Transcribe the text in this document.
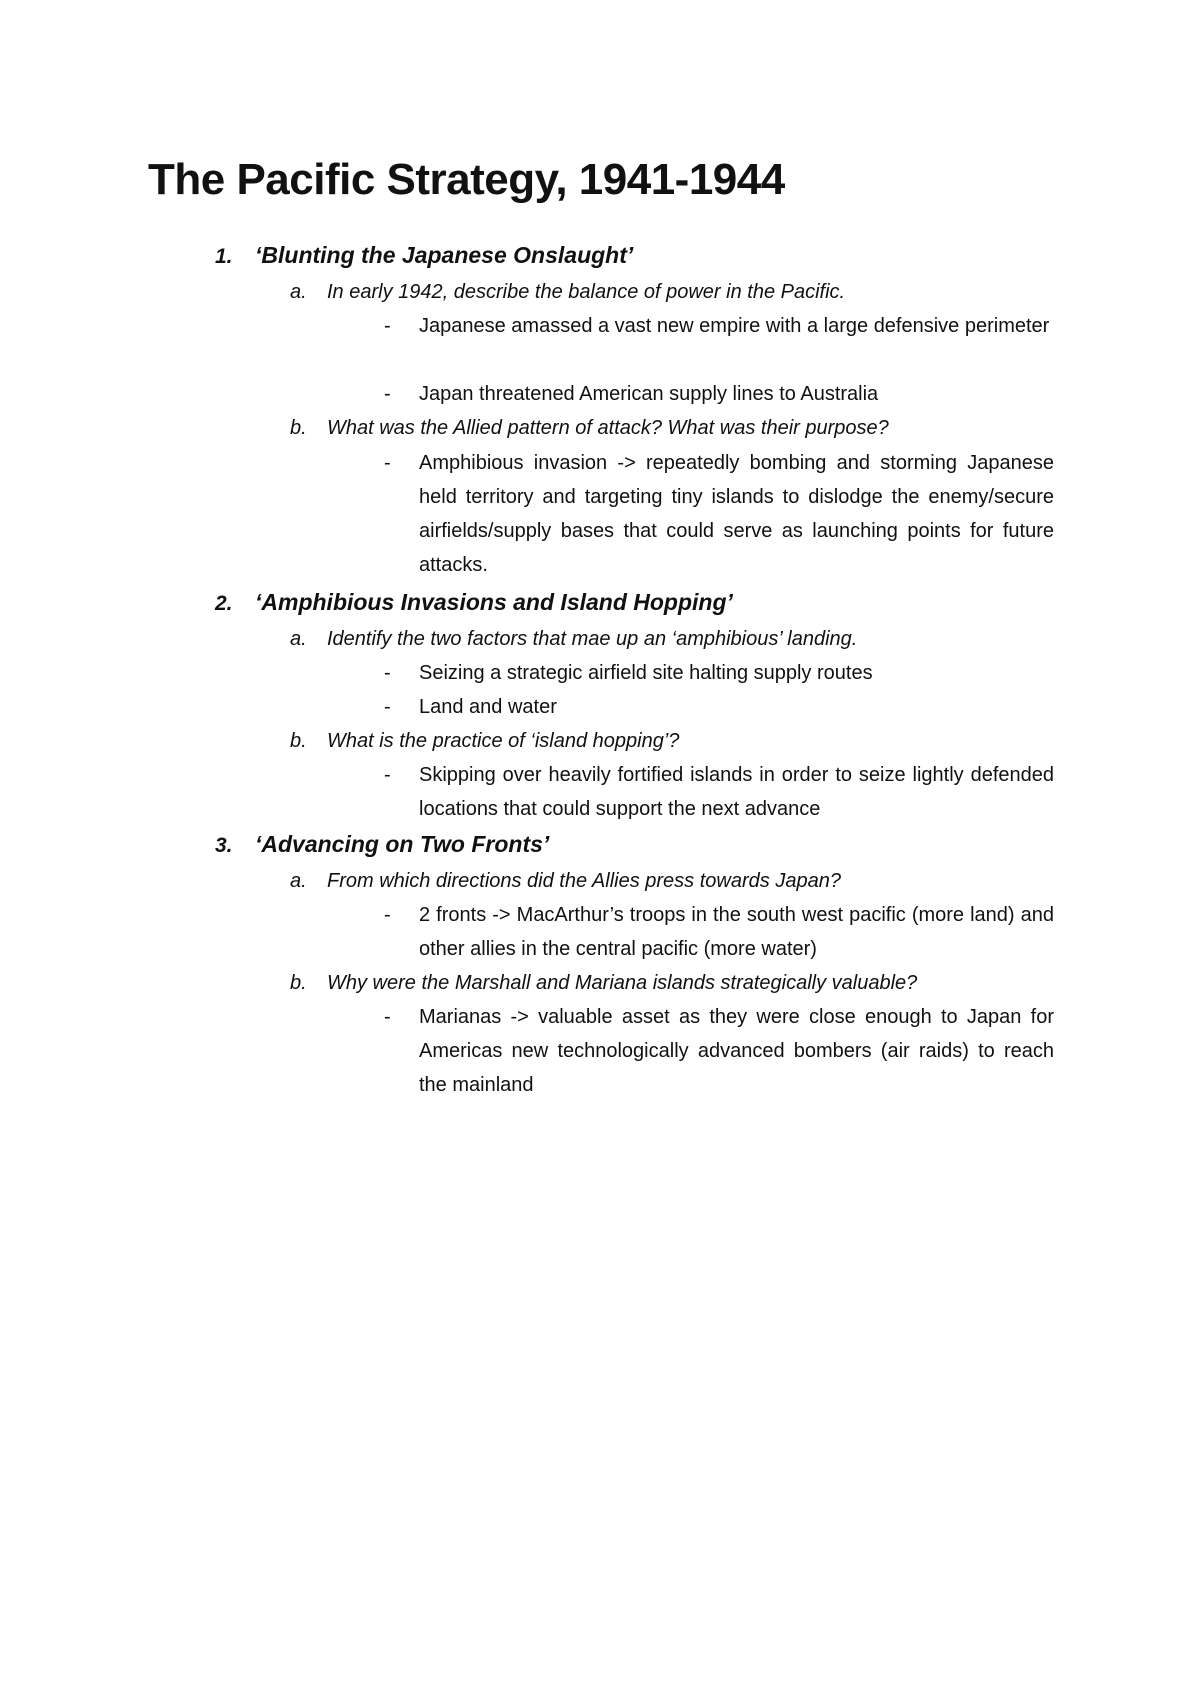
The Pacific Strategy, 1941-1944
1. ‘Blunting the Japanese Onslaught’
a. In early 1942, describe the balance of power in the Pacific.
- Japanese amassed a vast new empire with a large defensive perimeter
- Japan threatened American supply lines to Australia
b. What was the Allied pattern of attack? What was their purpose?
- Amphibious invasion -> repeatedly bombing and storming Japanese held territory and targeting tiny islands to dislodge the enemy/secure airfields/supply bases that could serve as launching points for future attacks.
2. ‘Amphibious Invasions and Island Hopping’
a. Identify the two factors that mae up an ‘amphibious’ landing.
- Seizing a strategic airfield site halting supply routes
- Land and water
b. What is the practice of ‘island hopping’?
- Skipping over heavily fortified islands in order to seize lightly defended locations that could support the next advance
3. ‘Advancing on Two Fronts’
a. From which directions did the Allies press towards Japan?
- 2 fronts -> MacArthur’s troops in the south west pacific (more land) and other allies in the central pacific (more water)
b. Why were the Marshall and Mariana islands strategically valuable?
- Marianas -> valuable asset as they were close enough to Japan for Americas new technologically advanced bombers (air raids) to reach the mainland
